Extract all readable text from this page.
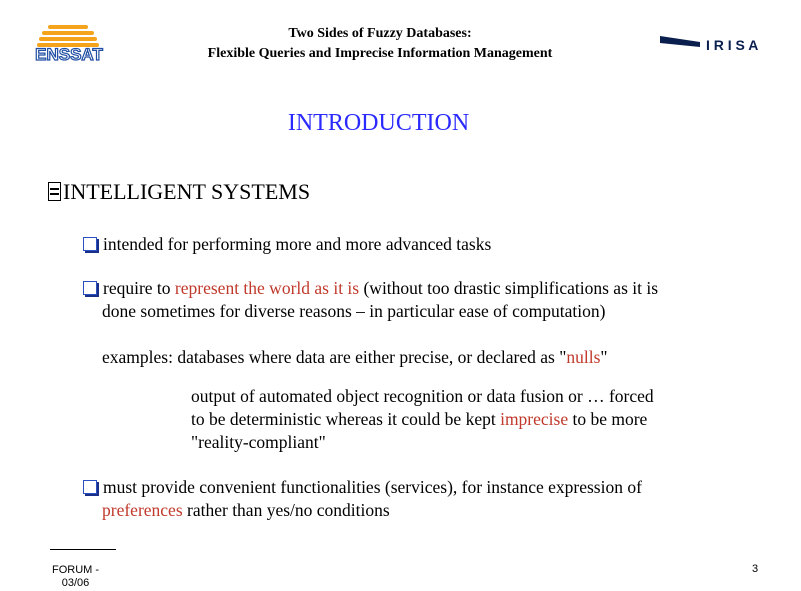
ENSSAT
Two Sides of Fuzzy Databases:
Flexible Queries and Imprecise Information Management
I R I S A
INTRODUCTION
INTELLIGENT SYSTEMS
intended for performing more and more advanced tasks
require to represent the world as it is (without too drastic simplifications as it is
done sometimes for diverse reasons – in particular ease of computation)
examples: databases where data are either precise, or declared as "nulls"
output of automated object recognition or data fusion or … forced
to be deterministic whereas it could be kept imprecise to be more
"reality-compliant"
must provide convenient functionalities (services), for instance expression of
preferences rather than yes/no conditions
FORUM -
03/06
3
